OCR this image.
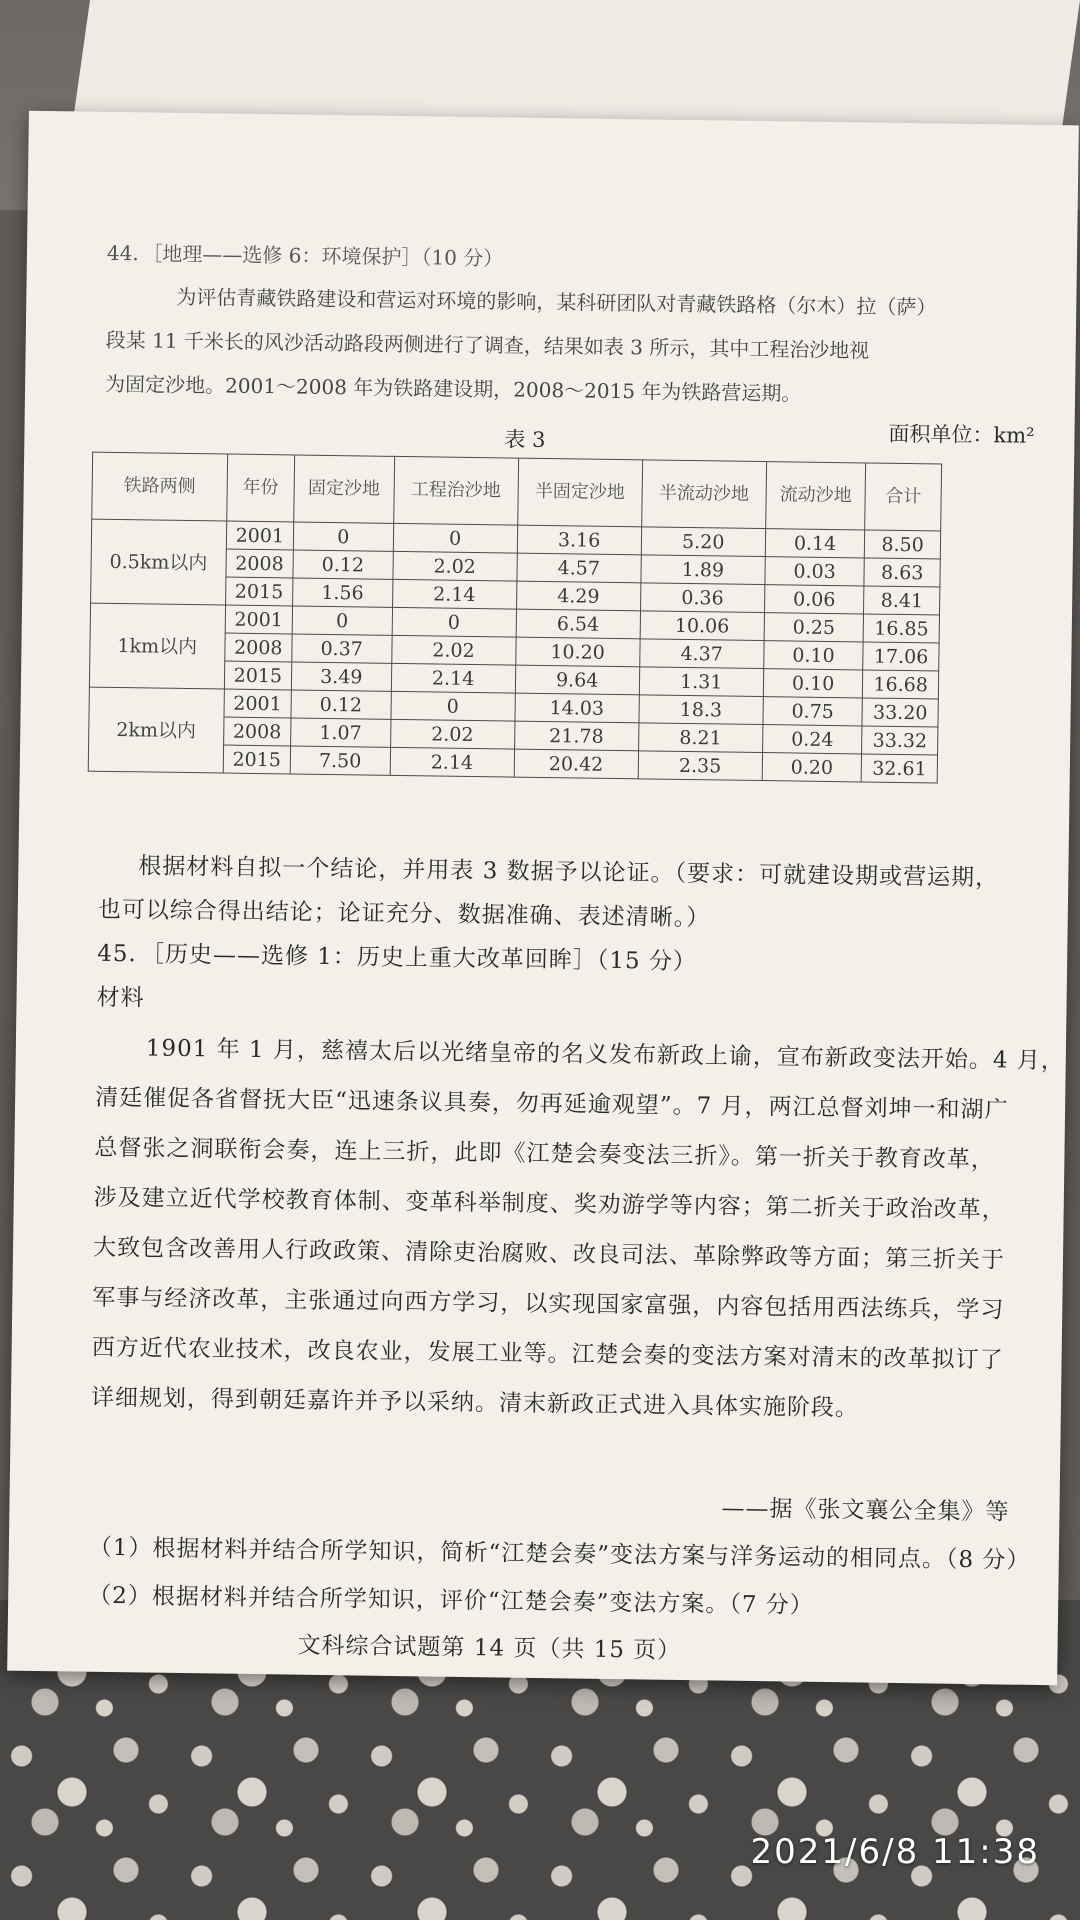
44．［地理——选修 6：环境保护］（10 分）
为评估青藏铁路建设和营运对环境的影响，某科研团队对青藏铁路格（尔木）拉（萨）
段某 11 千米长的风沙活动路段两侧进行了调查，结果如表 3 所示，其中工程治沙地视
为固定沙地。2001～2008 年为铁路建设期，2008～2015 年为铁路营运期。
面积单位：km²
表 3
铁路两侧	年份	固定沙地	工程治沙地	半固定沙地	半流动沙地	流动沙地	合计
0.5km以内	2001	0	0	3.16	5.20	0.14	8.50
	2008	0.12	2.02	4.57	1.89	0.03	8.63
	2015	1.56	2.14	4.29	0.36	0.06	8.41
1km以内	2001	0	0	6.54	10.06	0.25	16.85
	2008	0.37	2.02	10.20	4.37	0.10	17.06
	2015	3.49	2.14	9.64	1.31	0.10	16.68
2km以内	2001	0.12	0	14.03	18.3	0.75	33.20
	2008	1.07	2.02	21.78	8.21	0.24	33.32
	2015	7.50	2.14	20.42	2.35	0.20	32.61
根据材料自拟一个结论，并用表 3 数据予以论证。（要求：可就建设期或营运期，
也可以综合得出结论；论证充分、数据准确、表述清晰。）
45．［历史——选修 1：历史上重大改革回眸］（15 分）
材料
1901 年 1 月，慈禧太后以光绪皇帝的名义发布新政上谕，宣布新政变法开始。4 月，
清廷催促各省督抚大臣“迅速条议具奏，勿再延逾观望”。7 月，两江总督刘坤一和湖广
总督张之洞联衔会奏，连上三折，此即《江楚会奏变法三折》。第一折关于教育改革，
涉及建立近代学校教育体制、变革科举制度、奖劝游学等内容；第二折关于政治改革，
大致包含改善用人行政政策、清除吏治腐败、改良司法、革除弊政等方面；第三折关于
军事与经济改革，主张通过向西方学习，以实现国家富强，内容包括用西法练兵，学习
西方近代农业技术，改良农业，发展工业等。江楚会奏的变法方案对清末的改革拟订了
详细规划，得到朝廷嘉许并予以采纳。清末新政正式进入具体实施阶段。
——据《张文襄公全集》等
（1）根据材料并结合所学知识，简析“江楚会奏”变法方案与洋务运动的相同点。（8 分）
（2）根据材料并结合所学知识，评价“江楚会奏”变法方案。（7 分）
文科综合试题第 14 页（共 15 页）
2021/6/8 11:38
